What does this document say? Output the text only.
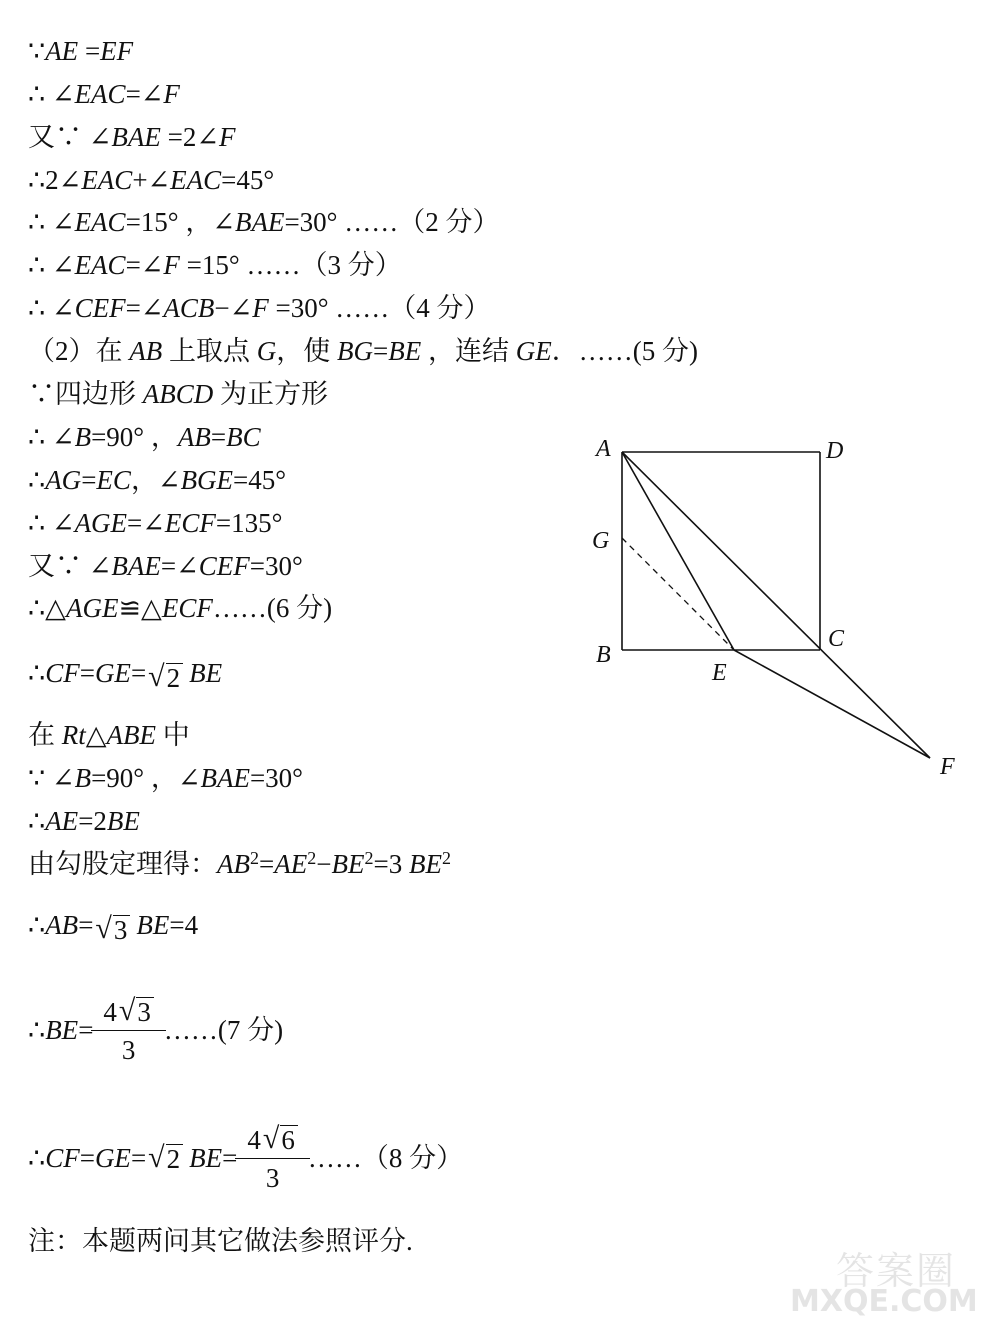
∵AE =EF
∴ ∠EAC=∠F
又∵ ∠BAE =2∠F
∴2∠EAC+∠EAC=45°
∴ ∠EAC=15° ，∠BAE=30° ……（2 分）
∴ ∠EAC=∠F =15° ……（3 分）
∴ ∠CEF=∠ACB−∠F =30° ……（4 分）
（2）在 AB 上取点 G，使 BG=BE ，连结 GE．……(5 分)
∵四边形 ABCD 为正方形
∴ ∠B=90° ，AB=BC
∴AG=EC，∠BGE=45°
∴ ∠AGE=∠ECF=135°
又∵ ∠BAE=∠CEF=30°
∴△AGE≌△ECF……(6 分)
∴CF=GE= √ 2 BE
在 Rt△ABE 中
∵ ∠B=90° ，∠BAE=30°
∴AE=2BE
由勾股定理得：$AB^2=AE^2-BE^2=3$ $BE^2$
∴AB= √ 3 BE=4
∴ BE = $\frac{4 √ 3}{3}$ ……(7 分)
∴ CF = GE = √ 2 BE = $\frac{4 √ 6}{3}$ ……（8 分）
注：本题两问其它做法参照评分.
A	D
G
B
C
E
F
答案圈
MXQE.COM
